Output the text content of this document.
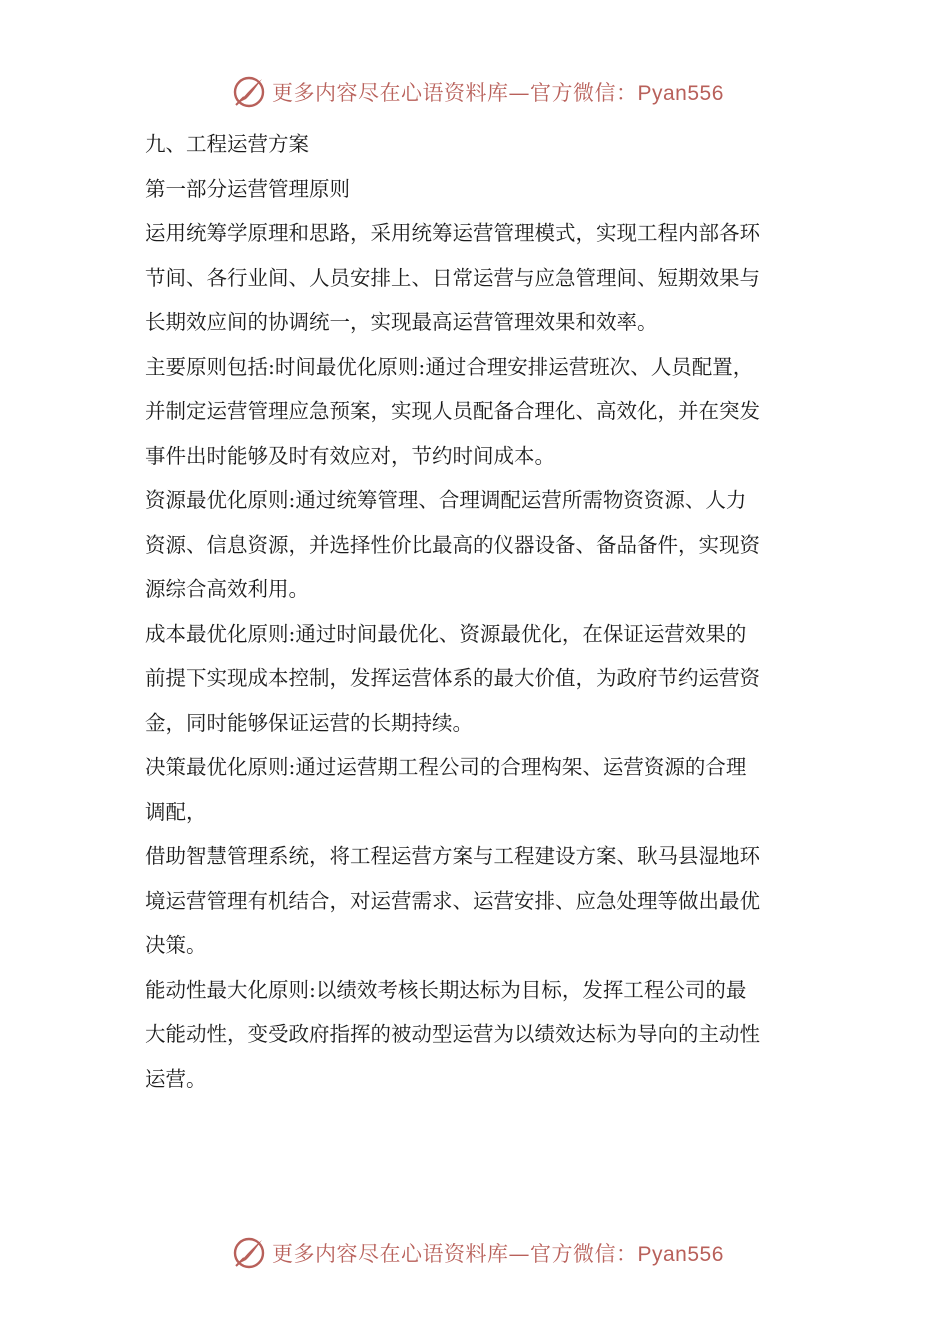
更多内容尽在心语资料库—官方微信：Pyan556

九、工程运营方案

第一部分运营管理原则

运用统筹学原理和思路，采用统筹运营管理模式，实现工程内部各环

节间、各行业间、人员安排上、日常运营与应急管理间、短期效果与

长期效应间的协调统一，实现最高运营管理效果和效率。

主要原则包括:时间最优化原则:通过合理安排运营班次、人员配置，

并制定运营管理应急预案，实现人员配备合理化、高效化，并在突发

事件出时能够及时有效应对，节约时间成本。

资源最优化原则:通过统筹管理、合理调配运营所需物资资源、人力

资源、信息资源，并选择性价比最高的仪器设备、备品备件，实现资

源综合高效利用。

成本最优化原则:通过时间最优化、资源最优化，在保证运营效果的

前提下实现成本控制，发挥运营体系的最大价值，为政府节约运营资

金，同时能够保证运营的长期持续。

决策最优化原则:通过运营期工程公司的合理构架、运营资源的合理

调配，

借助智慧管理系统，将工程运营方案与工程建设方案、耿马县湿地环

境运营管理有机结合，对运营需求、运营安排、应急处理等做出最优

决策。

能动性最大化原则:以绩效考核长期达标为目标，发挥工程公司的最

大能动性，变受政府指挥的被动型运营为以绩效达标为导向的主动性

运营。

更多内容尽在心语资料库—官方微信：Pyan556
